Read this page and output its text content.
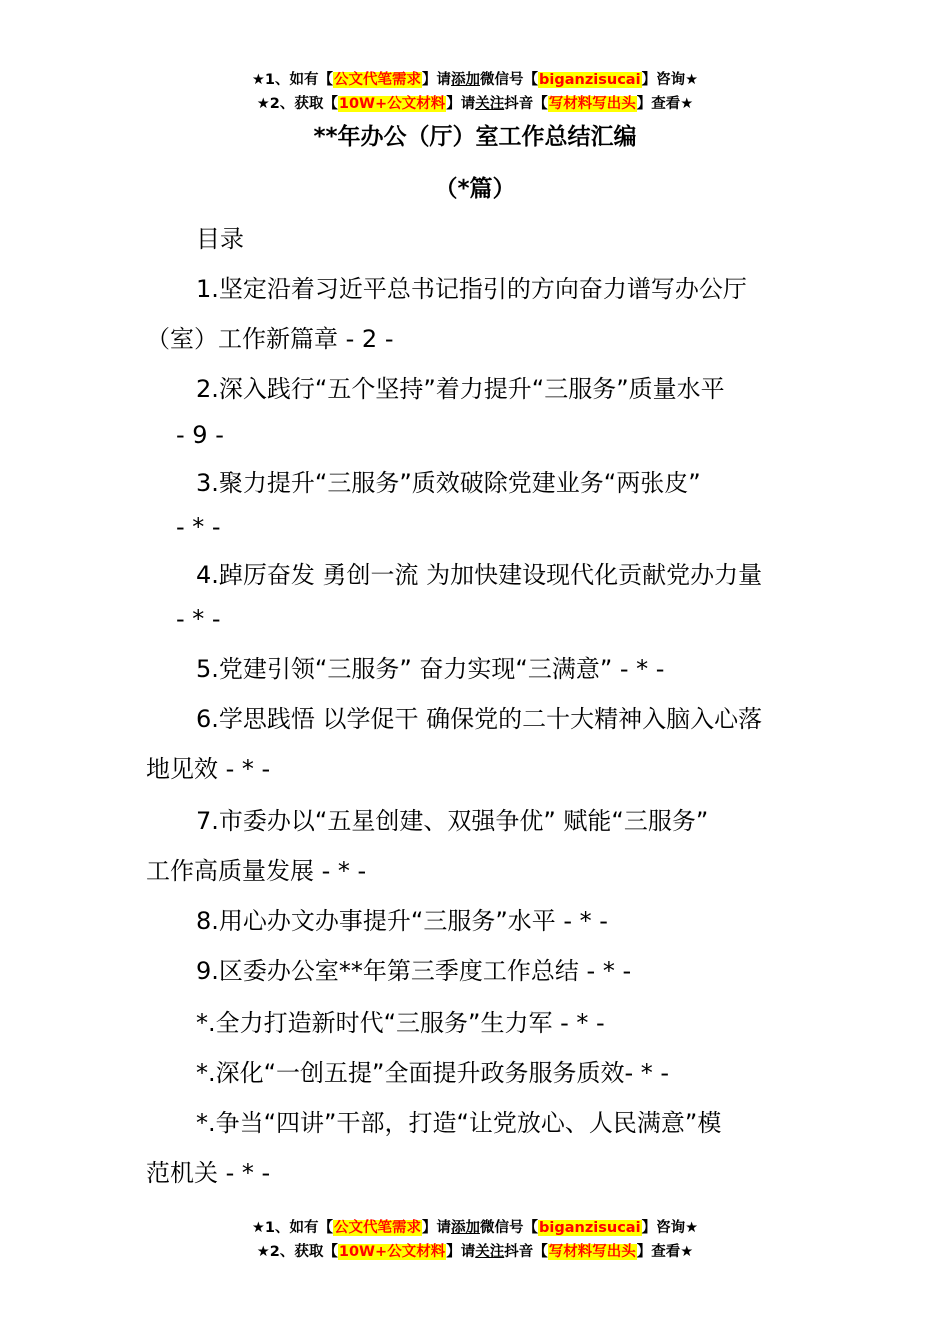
★1、如有【公文代笔需求】请添加微信号【biganzisucai】咨询★
★2、获取【10W+公文材料】请关注抖音【写材料写出头】查看★
**年办公（厅）室工作总结汇编
（*篇）
目录
1.坚定沿着习近平总书记指引的方向奋力谱写办公厅
（室）工作新篇章 - 2 -
2.深入践行“五个坚持”着力提升“三服务”质量水平
- 9 -
3.聚力提升“三服务”质效破除党建业务“两张皮”
- * -
4.踔厉奋发 勇创一流 为加快建设现代化贡献党办力量
- * -
5.党建引领“三服务” 奋力实现“三满意” - * -
6.学思践悟 以学促干 确保党的二十大精神入脑入心落
地见效 - * -
7.市委办以“五星创建、双强争优” 赋能“三服务”
工作高质量发展 - * -
8.用心办文办事提升“三服务”水平 - * -
9.区委办公室**年第三季度工作总结 - * -
*.全力打造新时代“三服务”生力军 - * -
*.深化“一创五提”全面提升政务服务质效- * -
*.争当“四讲”干部，打造“让党放心、人民满意”模
范机关 - * -
★1、如有【公文代笔需求】请添加微信号【biganzisucai】咨询★
★2、获取【10W+公文材料】请关注抖音【写材料写出头】查看★
